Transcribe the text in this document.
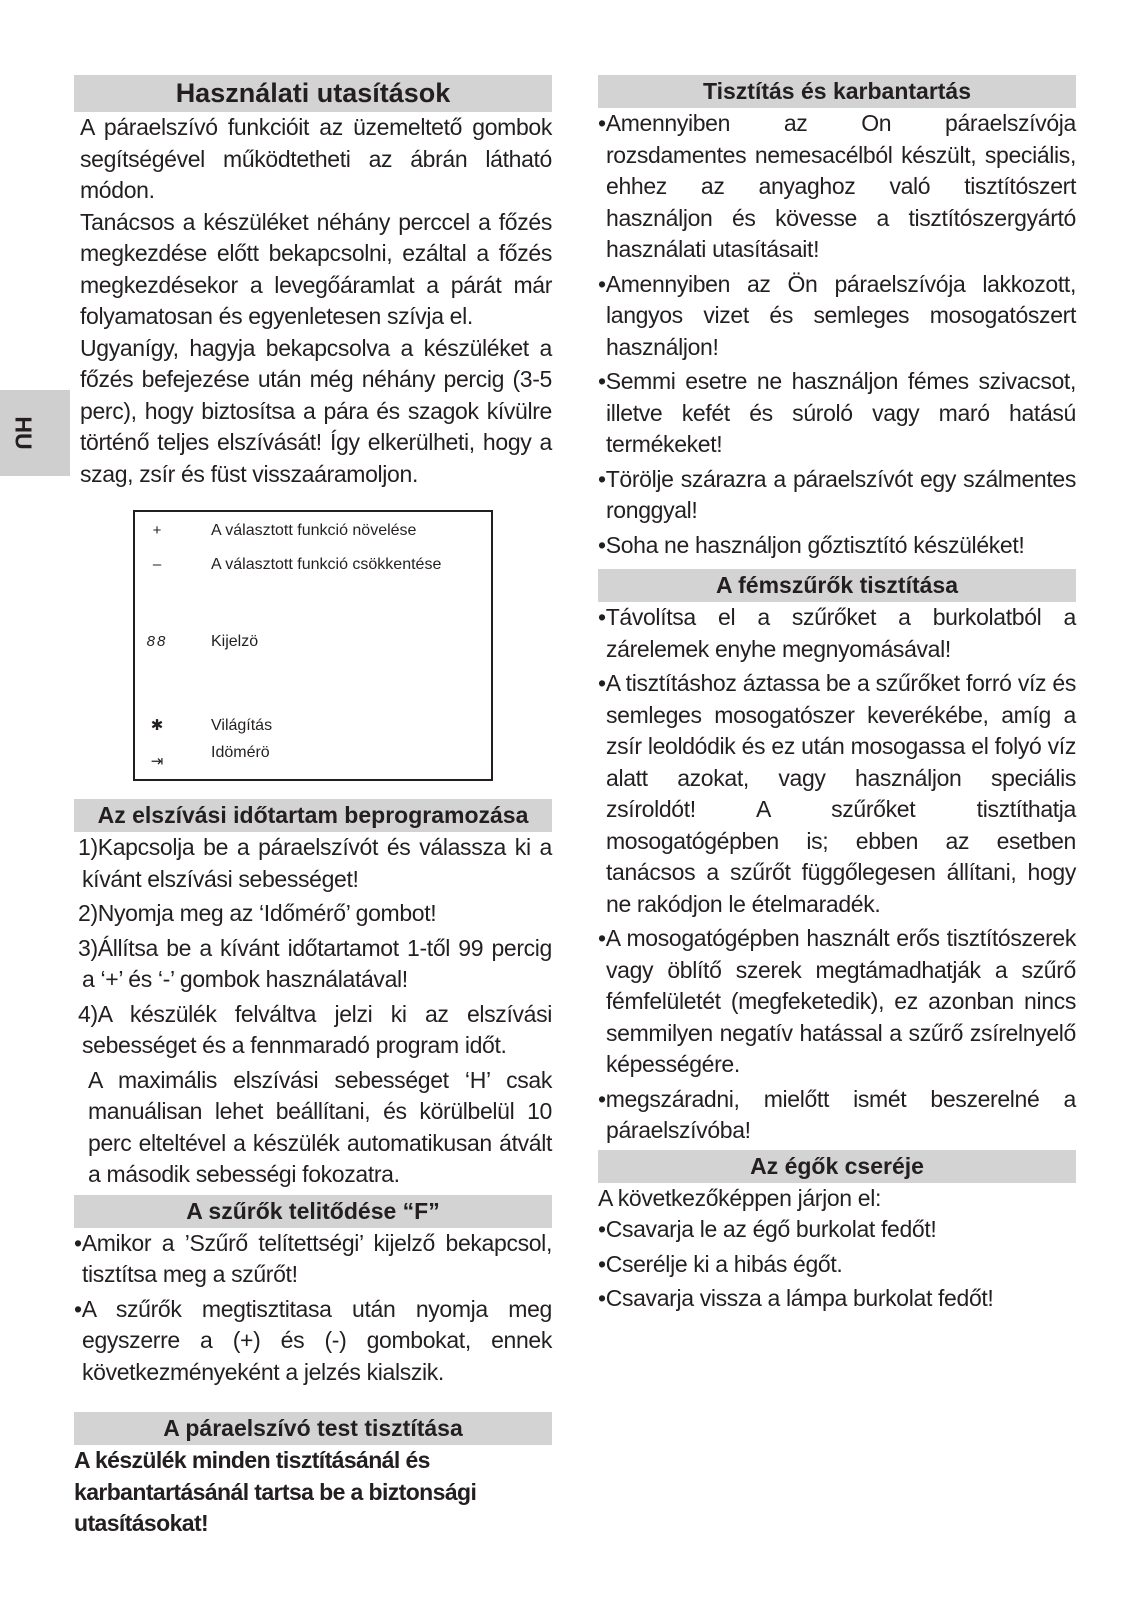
HU
Használati utasítások

A páraelszívó funkcióit az üzemeltető gombok segítségével működtetheti az ábrán látható módon.

Tanácsos a készüléket néhány perccel a főzés megkezdése előtt bekapcsolni, ezáltal a főzés megkezdésekor a levegőáramlat a párát már folyamatosan és egyenletesen szívja el.

Ugyanígy, hagyja bekapcsolva a készüléket a főzés befejezése után még néhány percig (3-5 perc), hogy biztosítsa a pára és szagok kívülre történő teljes elszívását! Így elkerülheti, hogy a szag, zsír és füst visszaáramoljon.

+	A választott funkció növelése
–	A választott funkció csökkentése
88	Kijelzö
✱	Világítás
⇥
Idömérö
Az elszívási időtartam beprogramozása

1)Kapcsolja be a páraelszívót és válassza ki a kívánt elszívási sebességet!

2)Nyomja meg az ‘Időmérő’ gombot!

3)Állítsa be a kívánt időtartamot 1-től 99 percig a ‘+’ és ‘-’ gombok használatával!

4)A készülék felváltva jelzi ki az elszívási sebességet és a fennmaradó program időt.

A maximális elszívási sebességet ‘H’ csak manuálisan lehet beállítani, és körülbelül 10 perc elteltével a készülék automatikusan átvált a második sebességi fokozatra.

A szűrők telitődése “F”

•Amikor a ’Szűrő telítettségi’ kijelző bekapcsol, tisztítsa meg a szűrőt!

•A szűrők megtisztitasa után nyomja meg egyszerre a (+) és (-) gombokat, ennek következményeként a jelzés kialszik.

A páraelszívó test tisztítása

A készülék minden tisztításánál és karbantartásánál tartsa be a biztonsági utasításokat!

Tisztítás és karbantartás

•Amennyiben az On páraelszívója rozsdamentes nemesacélból készült, speciális, ehhez az anyaghoz való tisztítószert használjon és kövesse a tisztítószergyártó használati utasításait!

•Amennyiben az Ön páraelszívója lakkozott, langyos vizet és semleges mosogatószert használjon!

•Semmi esetre ne használjon fémes szivacsot, illetve kefét és súroló vagy maró hatású termékeket!

•Törölje szárazra a páraelszívót egy szálmentes ronggyal!

•Soha ne használjon gőztisztító készüléket!

A fémszűrők tisztítása

•Távolítsa el a szűrőket a burkolatból a zárelemek enyhe megnyomásával!

•A tisztításhoz áztassa be a szűrőket forró víz és semleges mosogatószer keverékébe, amíg a zsír leoldódik és ez után mosogassa el folyó víz alatt azokat, vagy használjon speciális zsíroldót! A szűrőket tisztíthatja mosogatógépben is; ebben az esetben tanácsos a szűrőt függőlegesen állítani, hogy ne rakódjon le ételmaradék.

•A mosogatógépben használt erős tisztítószerek vagy öblítő szerek megtámadhatják a szűrő fémfelületét (megfeketedik), ez azonban nincs semmilyen negatív hatással a szűrő zsírelnyelő képességére.

•megszáradni, mielőtt ismét beszerelné a páraelszívóba!

Az égők cseréje

A következőképpen járjon el:

•Csavarja le az égő burkolat fedőt!

•Cserélje ki a hibás égőt.

•Csavarja vissza a lámpa burkolat fedőt!
